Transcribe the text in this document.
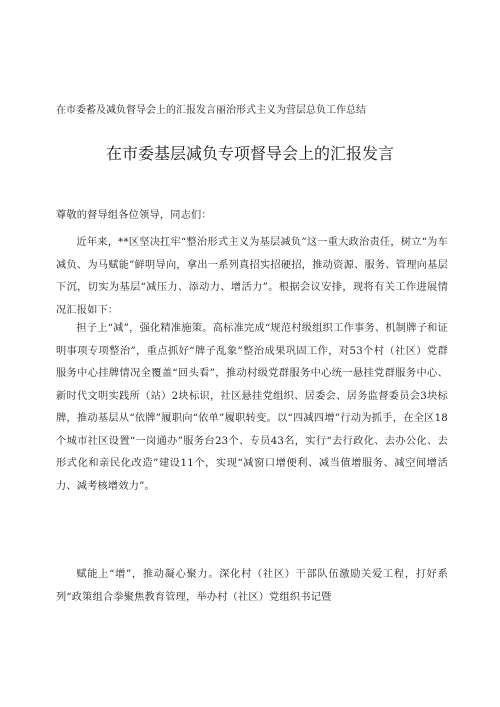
在市委蓄及减负督导会上的汇报发言丽治形式主义为营层总负工作总结
在市委基层减负专项督导会上的汇报发言
尊敬的督导组各位领导，同志们：
近年来，**区坚决扛牢“整治形式主义为基层减负”这一重大政治责任，树立“为车减负、为马赋能”鲜明导向，拿出一系列真招实招硬招，推动资源、服务、管理向基层下沉，切实为基层“减压力、添动力、增活力”。根据会议安排，现将有关工作进展情况汇报如下：
担子上“减”，强化精准施策。高标准完成“规范村级组织工作事务、机制牌子和证明事项专项整治”，重点抓好“牌子乱象”整治成果巩固工作，对53个村（社区）党群服务中心挂牌情况全覆盖“回头看”，推动村级党群服务中心统一悬挂党群服务中心、新时代文明实践所（站）2块标识，社区悬挂党组织、居委会、居务监督委员会3块标牌，推动基层从“依牌”履职向“依单”履职转变。以“四减四增”行动为抓手，在全区18个城市社区设置“一岗通办”服务台23个、专员43名，实行“去行政化、去办公化、去形式化和亲民化改造”建设11个，实现“减窗口增便利、减当值增服务、减空间增活力、减考核增效力”。
赋能上“增”，推动凝心聚力。深化村（社区）干部队伍激励关爱工程，打好系列“政策组合拳聚焦教育管理，举办村（社区）党组织书记暨
